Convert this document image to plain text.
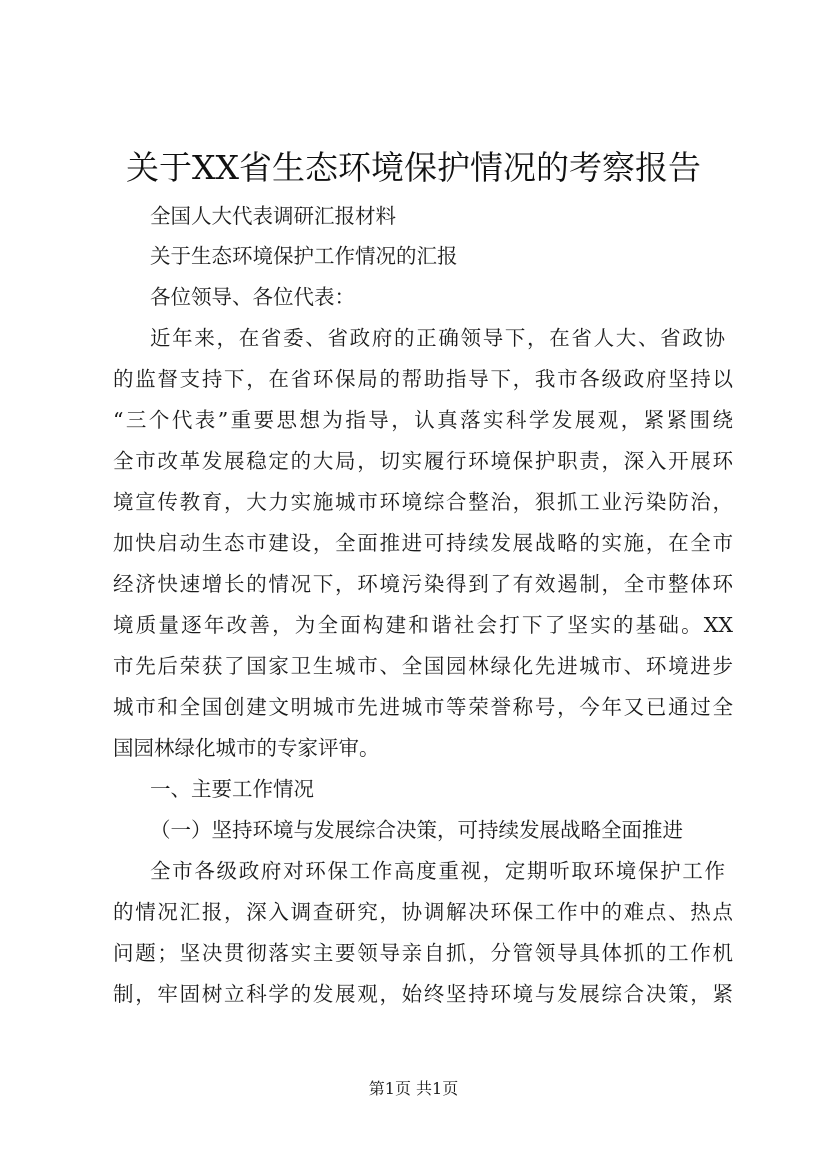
关于XX省生态环境保护情况的考察报告
全国人大代表调研汇报材料
关于生态环境保护工作情况的汇报
各位领导、各位代表：
近年来，在省委、省政府的正确领导下，在省人大、省政协
的监督支持下，在省环保局的帮助指导下，我市各级政府坚持以
“三个代表”重要思想为指导，认真落实科学发展观，紧紧围绕
全市改革发展稳定的大局，切实履行环境保护职责，深入开展环
境宣传教育，大力实施城市环境综合整治，狠抓工业污染防治，
加快启动生态市建设，全面推进可持续发展战略的实施，在全市
经济快速增长的情况下，环境污染得到了有效遏制，全市整体环
境质量逐年改善，为全面构建和谐社会打下了坚实的基础。XX
市先后荣获了国家卫生城市、全国园林绿化先进城市、环境进步
城市和全国创建文明城市先进城市等荣誉称号，今年又已通过全
国园林绿化城市的专家评审。
一、主要工作情况
（一）坚持环境与发展综合决策，可持续发展战略全面推进
全市各级政府对环保工作高度重视，定期听取环境保护工作
的情况汇报，深入调查研究，协调解决环保工作中的难点、热点
问题；坚决贯彻落实主要领导亲自抓，分管领导具体抓的工作机
制，牢固树立科学的发展观，始终坚持环境与发展综合决策，紧
第1页 共1页
